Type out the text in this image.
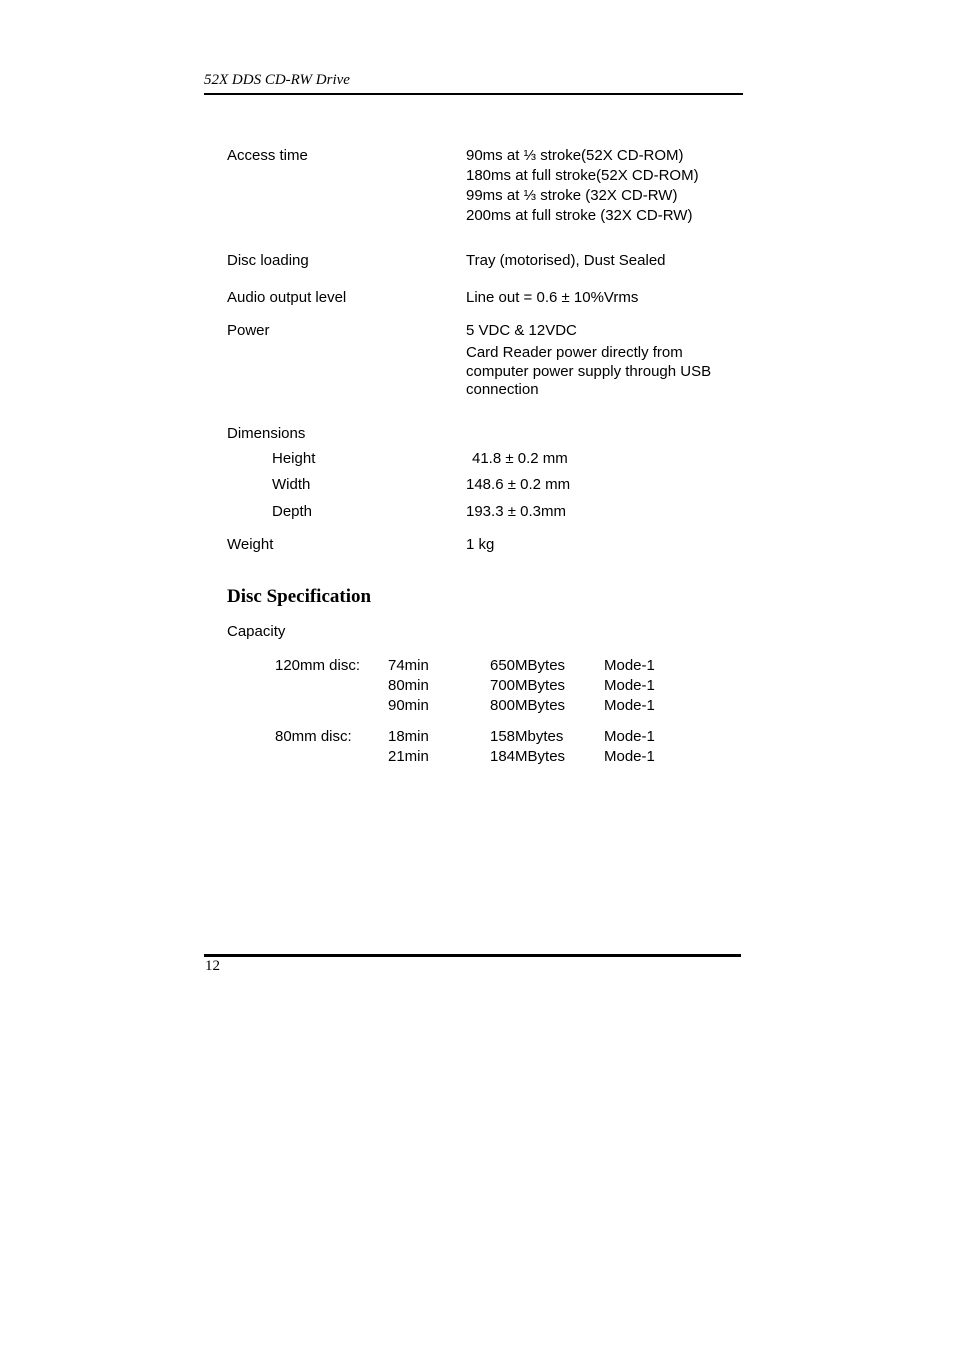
52X DDS CD-RW Drive
Access time	90ms at ⅓ stroke(52X CD-ROM)
180ms at full stroke(52X CD-ROM)
99ms at ⅓ stroke (32X CD-RW)
200ms at full stroke (32X CD-RW)
Disc loading	Tray (motorised), Dust Sealed
Audio output level	Line out = 0.6 ± 10%Vrms
Power	5 VDC & 12VDC
Card Reader power directly from
computer power supply through USB
connection
Dimensions
Height	41.8 ± 0.2 mm
Width	148.6 ± 0.2 mm
Depth	193.3 ± 0.3mm
Weight	1 kg
Disc Specification
Capacity
120mm disc: 74min	650MBytes	Mode-1
80min	700MBytes	Mode-1
90min	800MBytes	Mode-1
80mm disc: 18min	158Mbytes	Mode-1
21min	184MBytes	Mode-1
12
